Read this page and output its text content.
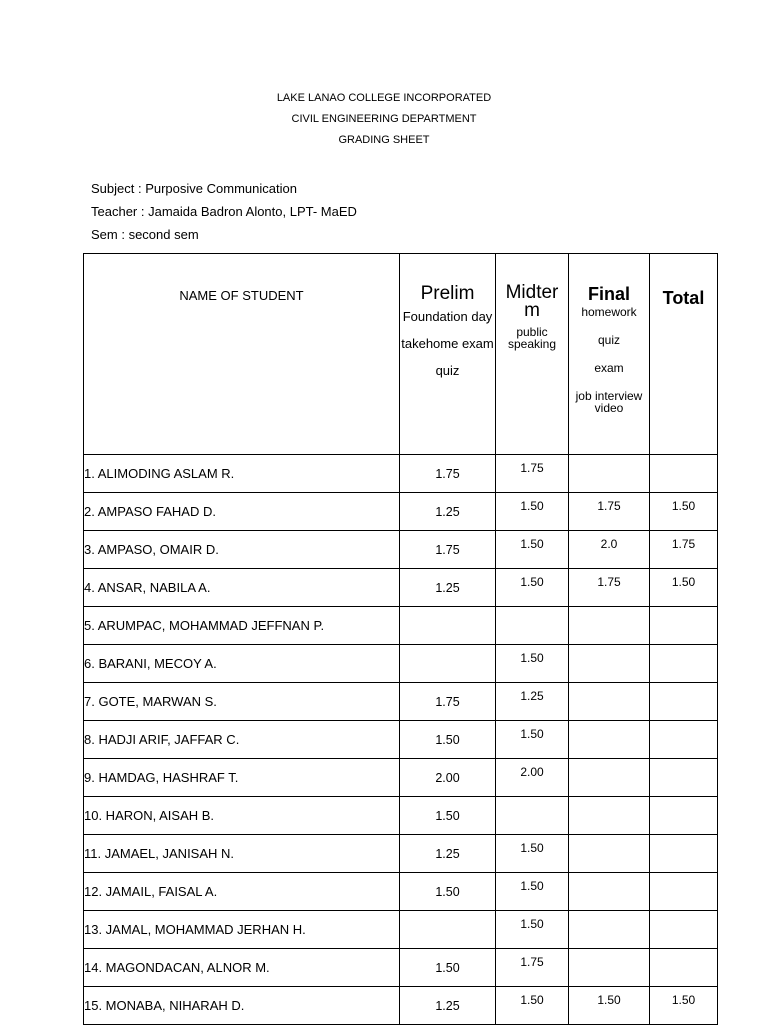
LAKE LANAO COLLEGE INCORPORATED
CIVIL ENGINEERING DEPARTMENT
GRADING SHEET
Subject : Purposive Communication
Teacher : Jamaida Badron Alonto, LPT- MaED
Sem : second sem
NAME OF STUDENT	Prelim
Foundation day
takehome exam
quiz	Midterm
public speaking	Final
homework
quiz
exam
job interview video	Total

1. ALIMODING ASLAM R.	1.75	1.75		
2. AMPASO FAHAD D.	1.25	1.50	1.75	1.50
3. AMPASO, OMAIR D.	1.75	1.50	2.0	1.75
4. ANSAR, NABILA A.	1.25	1.50	1.75	1.50
5. ARUMPAC, MOHAMMAD JEFFNAN P.				
6. BARANI, MECOY A.		1.50		
7. GOTE, MARWAN S.	1.75	1.25		
8. HADJI ARIF, JAFFAR C.	1.50	1.50		
9. HAMDAG, HASHRAF T.	2.00	2.00		
10. HARON, AISAH B.	1.50			
11. JAMAEL, JANISAH N.	1.25	1.50		
12. JAMAIL, FAISAL A.	1.50	1.50		
13. JAMAL, MOHAMMAD JERHAN H.		1.50		
14. MAGONDACAN, ALNOR M.	1.50	1.75		
15. MONABA, NIHARAH D.	1.25	1.50	1.50	1.50
